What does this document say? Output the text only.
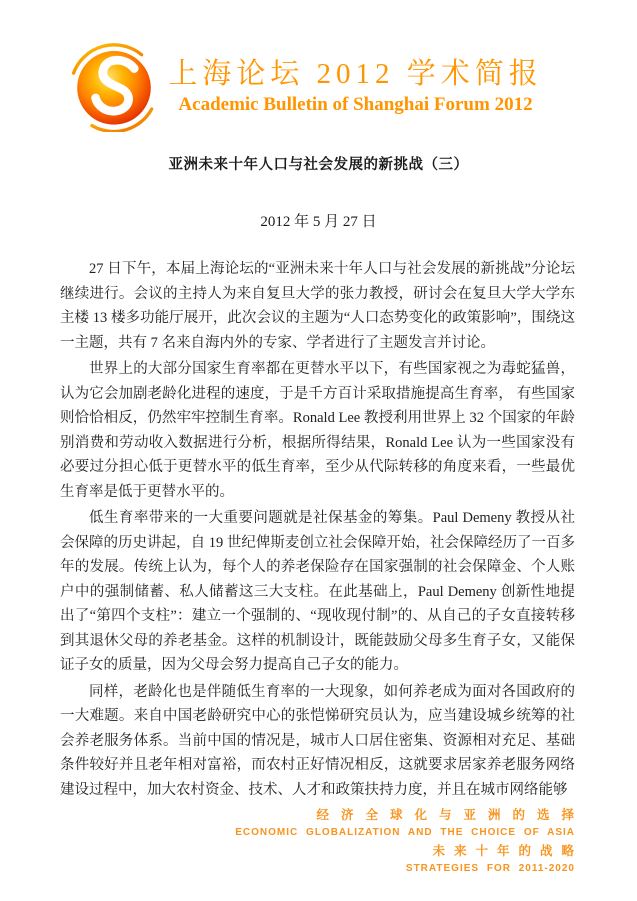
上海论坛 2012 学术简报
Academic Bulletin of Shanghai Forum 2012
亚洲未来十年人口与社会发展的新挑战（三）
2012 年 5 月 27 日

27 日下午，本届上海论坛的“亚洲未来十年人口与社会发展的新挑战”分论坛继续进行。会议的主持人为来自复旦大学的张力教授，研讨会在复旦大学大学东主楼 13 楼多功能厅展开，此次会议的主题为“人口态势变化的政策影响”，围绕这一主题，共有 7 名来自海内外的专家、学者进行了主题发言并讨论。

世界上的大部分国家生育率都在更替水平以下，有些国家视之为毒蛇猛兽，认为它会加剧老龄化进程的速度，于是千方百计采取措施提高生育率， 有些国家则恰恰相反，仍然牢牢控制生育率。Ronald Lee 教授利用世界上 32 个国家的年龄别消费和劳动收入数据进行分析，根据所得结果，Ronald Lee 认为一些国家没有必要过分担心低于更替水平的低生育率，至少从代际转移的角度来看，一些最优生育率是低于更替水平的。

低生育率带来的一大重要问题就是社保基金的筹集。Paul Demeny 教授从社会保障的历史讲起，自 19 世纪俾斯麦创立社会保障开始，社会保障经历了一百多年的发展。传统上认为，每个人的养老保险存在国家强制的社会保障金、个人账户中的强制储蓄、私人储蓄这三大支柱。在此基础上，Paul Demeny 创新性地提出了“第四个支柱”：建立一个强制的、“现收现付制”的、从自己的子女直接转移到其退休父母的养老基金。这样的机制设计，既能鼓励父母多生育子女，又能保证子女的质量，因为父母会努力提高自己子女的能力。

同样，老龄化也是伴随低生育率的一大现象，如何养老成为面对各国政府的一大难题。来自中国老龄研究中心的张恺悌研究员认为，应当建设城乡统筹的社会养老服务体系。当前中国的情况是，城市人口居住密集、资源相对充足、基础条件较好并且老年相对富裕，而农村正好情况相反，这就要求居家养老服务网络建设过程中，加大农村资金、技术、人才和政策扶持力度，并且在城市网络能够

经济全球化与亚洲的选择
ECONOMIC GLOBALIZATION AND THE CHOICE OF ASIA
未来十年的战略
STRATEGIES FOR 2011-2020
